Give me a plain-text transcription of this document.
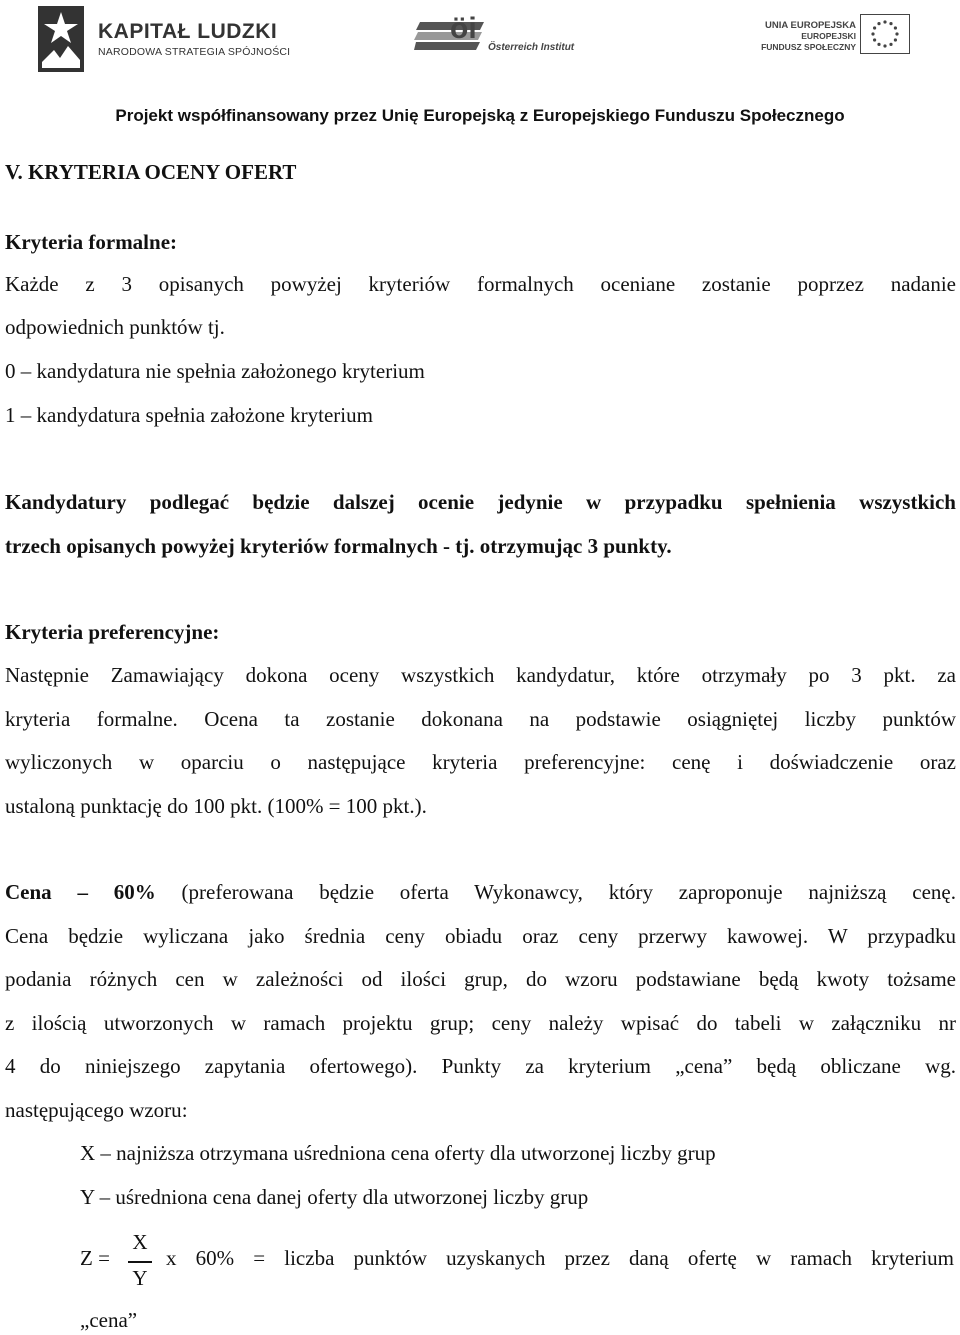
KAPITAŁ LUDZKI
NARODOWA STRATEGIA SPÓJNOŚCI
öi
Österreich Institut
UNIA EUROPEJSKA
EUROPEJSKI
FUNDUSZ SPOŁECZNY
Projekt współfinansowany przez Unię Europejską z Europejskiego Funduszu Społecznego
V. KRYTERIA OCENY OFERT
Kryteria formalne:
Każde z 3 opisanych powyżej kryteriów formalnych oceniane zostanie poprzez nadanie
odpowiednich punktów tj.
0 – kandydatura nie spełnia założonego kryterium
1 – kandydatura spełnia założone kryterium
Kandydatury podlegać będzie dalszej ocenie jedynie w przypadku spełnienia wszystkich
trzech opisanych powyżej kryteriów formalnych - tj. otrzymując 3 punkty.
Kryteria preferencyjne:
Następnie Zamawiający dokona oceny wszystkich kandydatur, które otrzymały po 3 pkt. za
kryteria formalne. Ocena ta zostanie dokonana na podstawie osiągniętej liczby punktów
wyliczonych w oparciu o następujące kryteria preferencyjne: cenę i doświadczenie oraz
ustaloną punktację do 100 pkt. (100% = 100 pkt.).
Cena – 60% (preferowana będzie oferta Wykonawcy, który zaproponuje najniższą cenę.
Cena będzie wyliczana jako średnia ceny obiadu oraz ceny przerwy kawowej. W przypadku
podania różnych cen w zależności od ilości grup, do wzoru podstawiane będą kwoty tożsame
z ilością utworzonych w ramach projektu grup; ceny należy wpisać do tabeli w załączniku nr
4 do niniejszego zapytania ofertowego). Punkty za kryterium „cena” będą obliczane wg.
następującego wzoru:
X – najniższa otrzymana uśredniona cena oferty dla utworzonej liczby grup
Y – uśredniona cena danej oferty dla utworzonej liczby grup
Z =
X
Y
x 60% = liczba punktów uzyskanych przez daną ofertę w ramach kryterium
„cena”
